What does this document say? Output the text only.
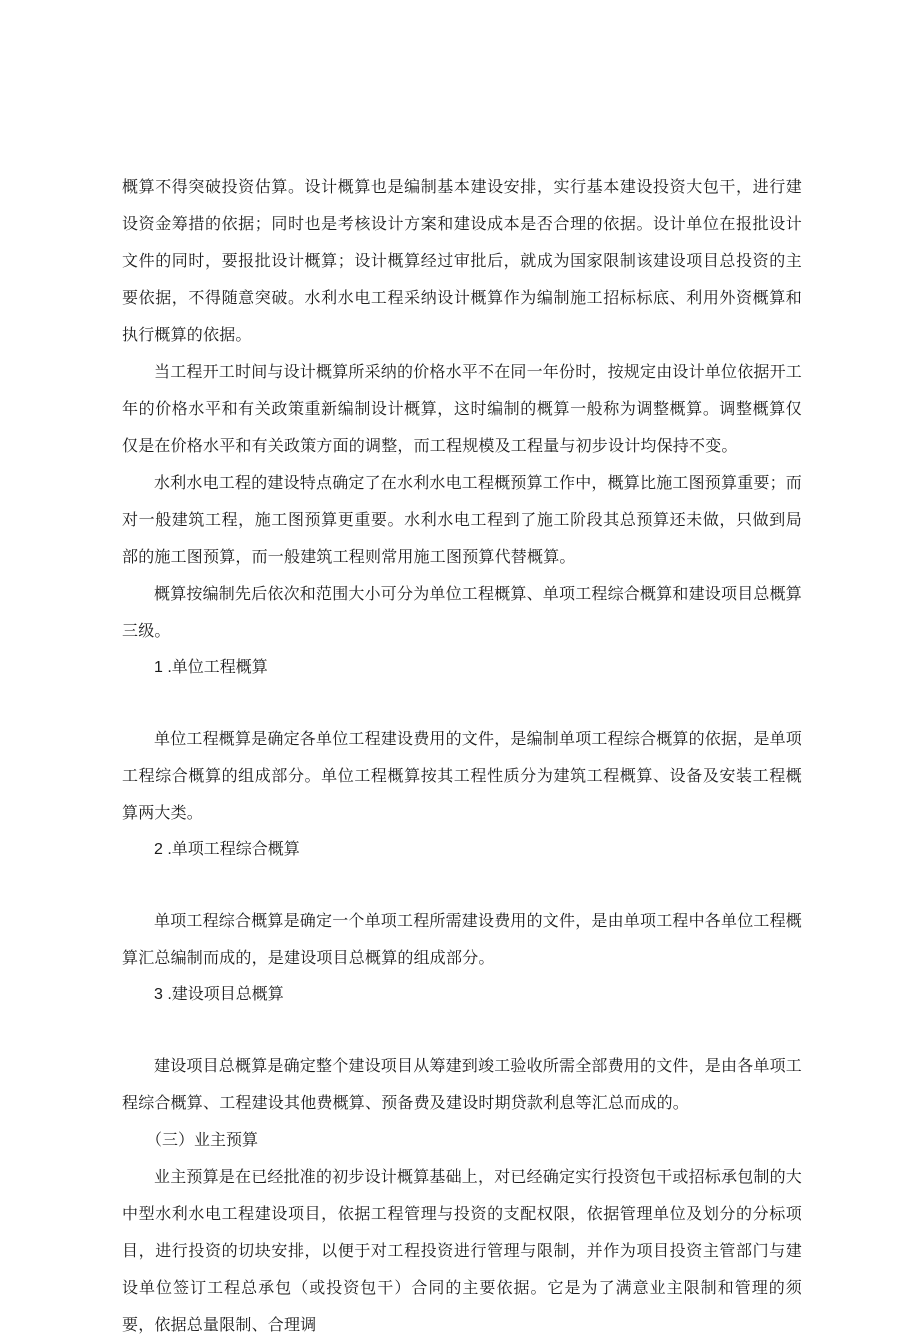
概算不得突破投资估算。设计概算也是编制基本建设安排，实行基本建设投资大包干，进行建设资金筹措的依据；同时也是考核设计方案和建设成本是否合理的依据。设计单位在报批设计文件的同时，要报批设计概算；设计概算经过审批后，就成为国家限制该建设项目总投资的主要依据，不得随意突破。水利水电工程采纳设计概算作为编制施工招标标底、利用外资概算和执行概算的依据。

当工程开工时间与设计概算所采纳的价格水平不在同一年份时，按规定由设计单位依据开工年的价格水平和有关政策重新编制设计概算，这时编制的概算一般称为调整概算。调整概算仅仅是在价格水平和有关政策方面的调整，而工程规模及工程量与初步设计均保持不变。

水利水电工程的建设特点确定了在水利水电工程概预算工作中，概算比施工图预算重要；而对一般建筑工程，施工图预算更重要。水利水电工程到了施工阶段其总预算还未做，只做到局部的施工图预算，而一般建筑工程则常用施工图预算代替概算。

概算按编制先后依次和范围大小可分为单位工程概算、单项工程综合概算和建设项目总概算三级。

1 .单位工程概算

单位工程概算是确定各单位工程建设费用的文件，是编制单项工程综合概算的依据，是单项工程综合概算的组成部分。单位工程概算按其工程性质分为建筑工程概算、设备及安装工程概算两大类。

2 .单项工程综合概算

单项工程综合概算是确定一个单项工程所需建设费用的文件，是由单项工程中各单位工程概算汇总编制而成的，是建设项目总概算的组成部分。

3 .建设项目总概算

建设项目总概算是确定整个建设项目从筹建到竣工验收所需全部费用的文件，是由各单项工程综合概算、工程建设其他费概算、预备费及建设时期贷款利息等汇总而成的。

（三）业主预算

业主预算是在已经批准的初步设计概算基础上，对已经确定实行投资包干或招标承包制的大中型水利水电工程建设项目，依据工程管理与投资的支配权限，依据管理单位及划分的分标项目，进行投资的切块安排，以便于对工程投资进行管理与限制，并作为项目投资主管部门与建设单位签订工程总承包（或投资包干）合同的主要依据。它是为了满意业主限制和管理的须要，依据总量限制、合理调
